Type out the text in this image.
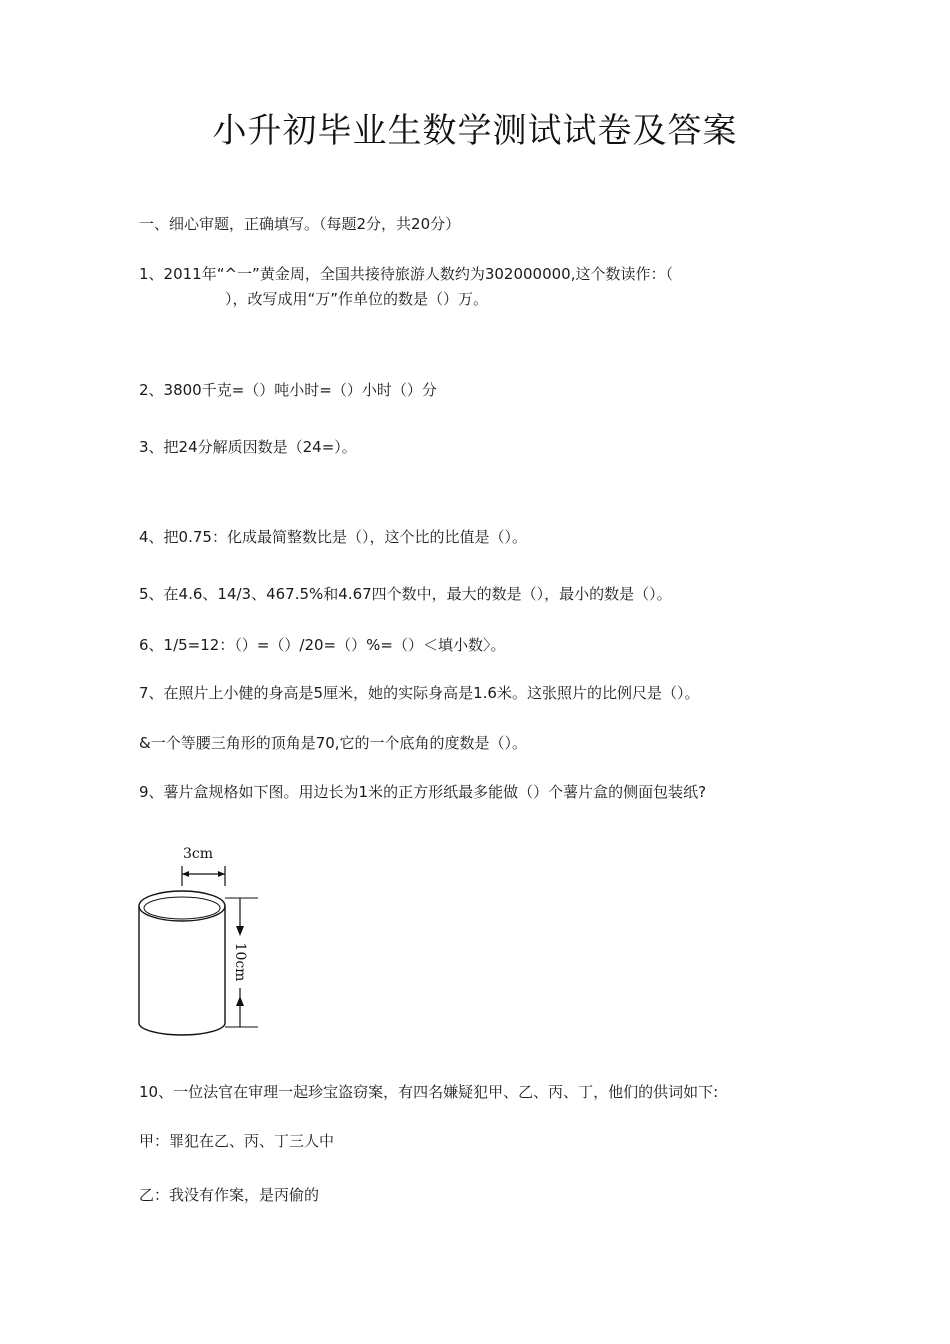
小升初毕业生数学测试试卷及答案
一、细心审题，正确填写。（每题2分，共20分）
1、2011年“^一”黄金周，全国共接待旅游人数约为302000000,这个数读作：（
），改写成用“万”作单位的数是（）万。
2、3800千克=（）吨小时=（）小时（）分
3、把24分解质因数是（24=）。
4、把0.75：化成最简整数比是（），这个比的比值是（）。
5、在4.6、14/3、467.5%和4.67四个数中，最大的数是（），最小的数是（）。
6、1/5=12：（）=（）/20=（）%=（）＜填小数〉。
7、在照片上小健的身高是5厘米，她的实际身高是1.6米。这张照片的比例尺是（）。
&一个等腰三角形的顶角是70,它的一个底角的度数是（）。
9、薯片盒规格如下图。用边长为1米的正方形纸最多能做（）个薯片盒的侧面包装纸?
3cm
10cm
10、一位法官在审理一起珍宝盗窃案，有四名嫌疑犯甲、乙、丙、丁，他们的供词如下:
甲：罪犯在乙、丙、丁三人中
乙：我没有作案，是丙偷的
